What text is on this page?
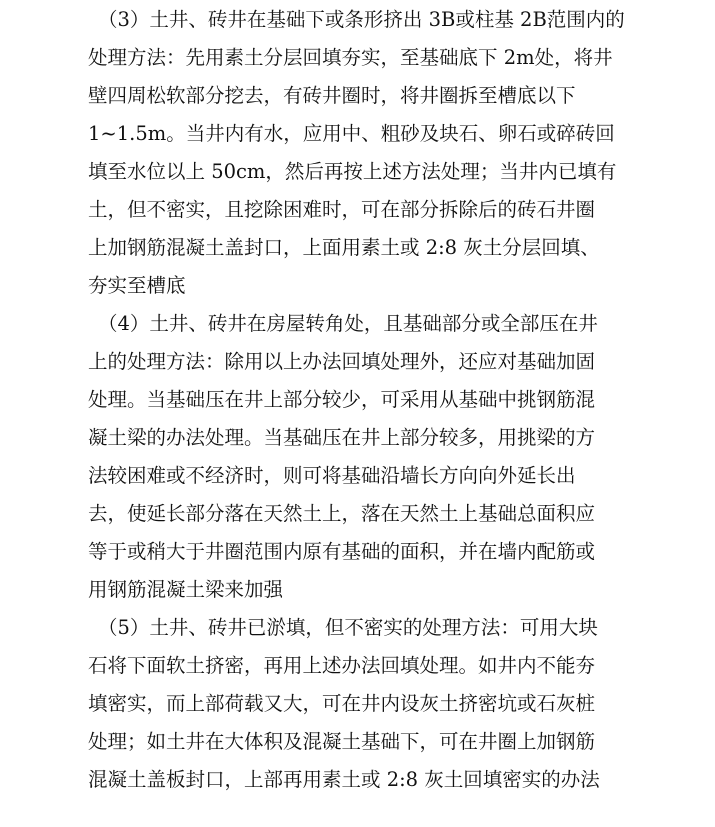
（3）土井、砖井在基础下或条形挤出 3B或柱基 2B范围内的
处理方法：先用素土分层回填夯实，至基础底下 2m处，将井
壁四周松软部分挖去，有砖井圈时，将井圈拆至槽底以下
1~1.5m。当井内有水，应用中、粗砂及块石、卵石或碎砖回
填至水位以上 50cm，然后再按上述方法处理；当井内已填有
土，但不密实，且挖除困难时，可在部分拆除后的砖石井圈
上加钢筋混凝土盖封口，上面用素土或 2:8 灰土分层回填、
夯实至槽底
（4）土井、砖井在房屋转角处，且基础部分或全部压在井
上的处理方法：除用以上办法回填处理外，还应对基础加固
处理。当基础压在井上部分较少，可采用从基础中挑钢筋混
凝土梁的办法处理。当基础压在井上部分较多，用挑梁的方
法较困难或不经济时，则可将基础沿墙长方向向外延长出
去，使延长部分落在天然土上，落在天然土上基础总面积应
等于或稍大于井圈范围内原有基础的面积，并在墙内配筋或
用钢筋混凝土梁来加强
（5）土井、砖井已淤填，但不密实的处理方法：可用大块
石将下面软土挤密，再用上述办法回填处理。如井内不能夯
填密实，而上部荷载又大，可在井内设灰土挤密坑或石灰桩
处理；如土井在大体积及混凝土基础下，可在井圈上加钢筋
混凝土盖板封口，上部再用素土或 2:8 灰土回填密实的办法
